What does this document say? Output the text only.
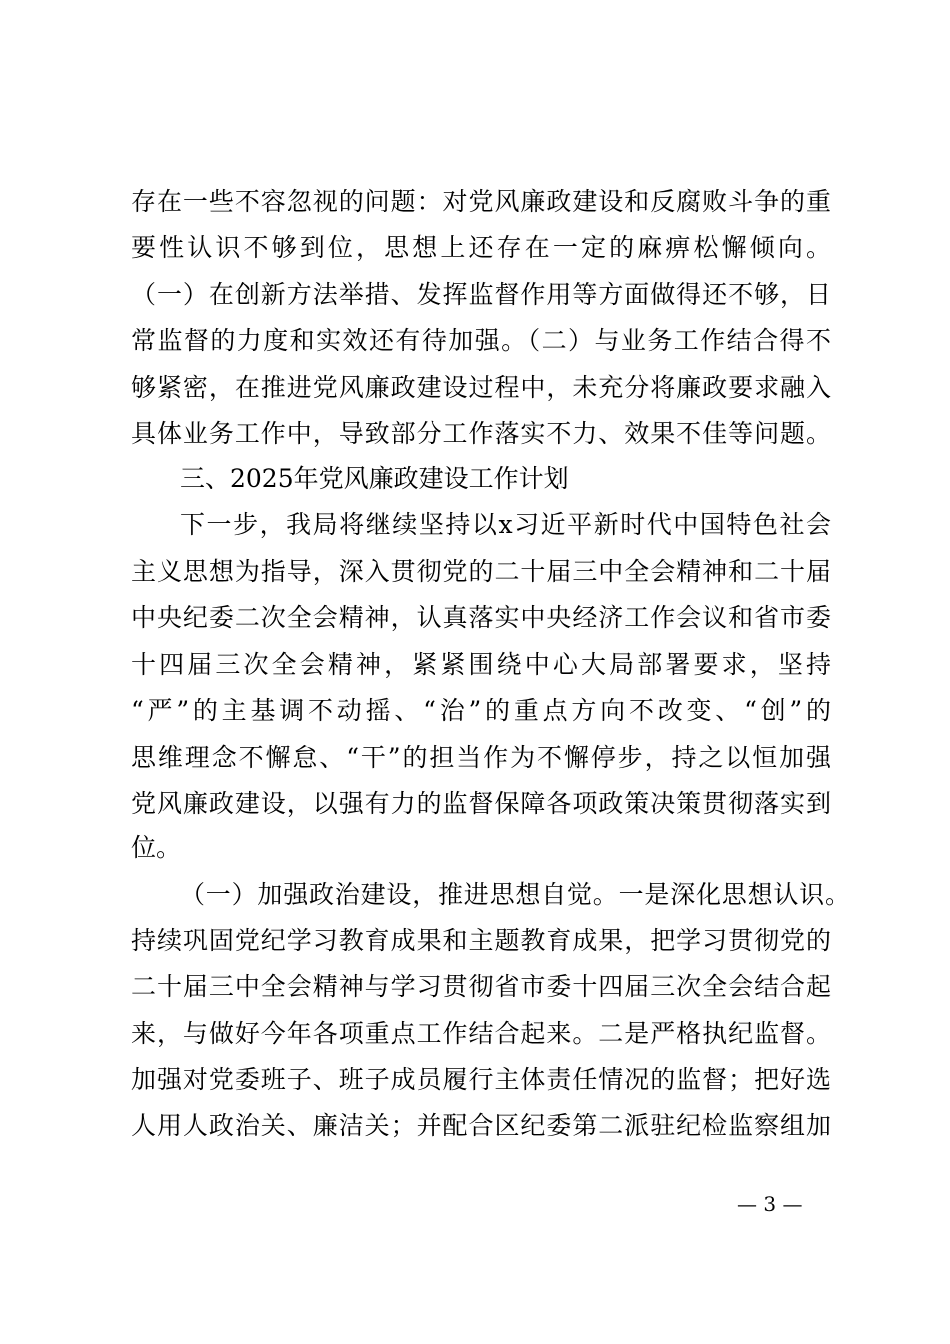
存在一些不容忽视的问题：对党风廉政建设和反腐败斗争的重
要性认识不够到位，思想上还存在一定的麻痹松懈倾向。
（一）在创新方法举措、发挥监督作用等方面做得还不够，日
常监督的力度和实效还有待加强。（二）与业务工作结合得不
够紧密，在推进党风廉政建设过程中，未充分将廉政要求融入
具体业务工作中，导致部分工作落实不力、效果不佳等问题。
三、2025年党风廉政建设工作计划
下一步，我局将继续坚持以x习近平新时代中国特色社会
主义思想为指导，深入贯彻党的二十届三中全会精神和二十届
中央纪委二次全会精神，认真落实中央经济工作会议和省市委
十四届三次全会精神，紧紧围绕中心大局部署要求，坚持
“严”的主基调不动摇、“治”的重点方向不改变、“创”的
思维理念不懈怠、“干”的担当作为不懈停步，持之以恒加强
党风廉政建设，以强有力的监督保障各项政策决策贯彻落实到
位。
（一）加强政治建设，推进思想自觉。一是深化思想认识。
持续巩固党纪学习教育成果和主题教育成果，把学习贯彻党的
二十届三中全会精神与学习贯彻省市委十四届三次全会结合起
来，与做好今年各项重点工作结合起来。二是严格执纪监督。
加强对党委班子、班子成员履行主体责任情况的监督；把好选
人用人政治关、廉洁关；并配合区纪委第二派驻纪检监察组加
— 3 —
